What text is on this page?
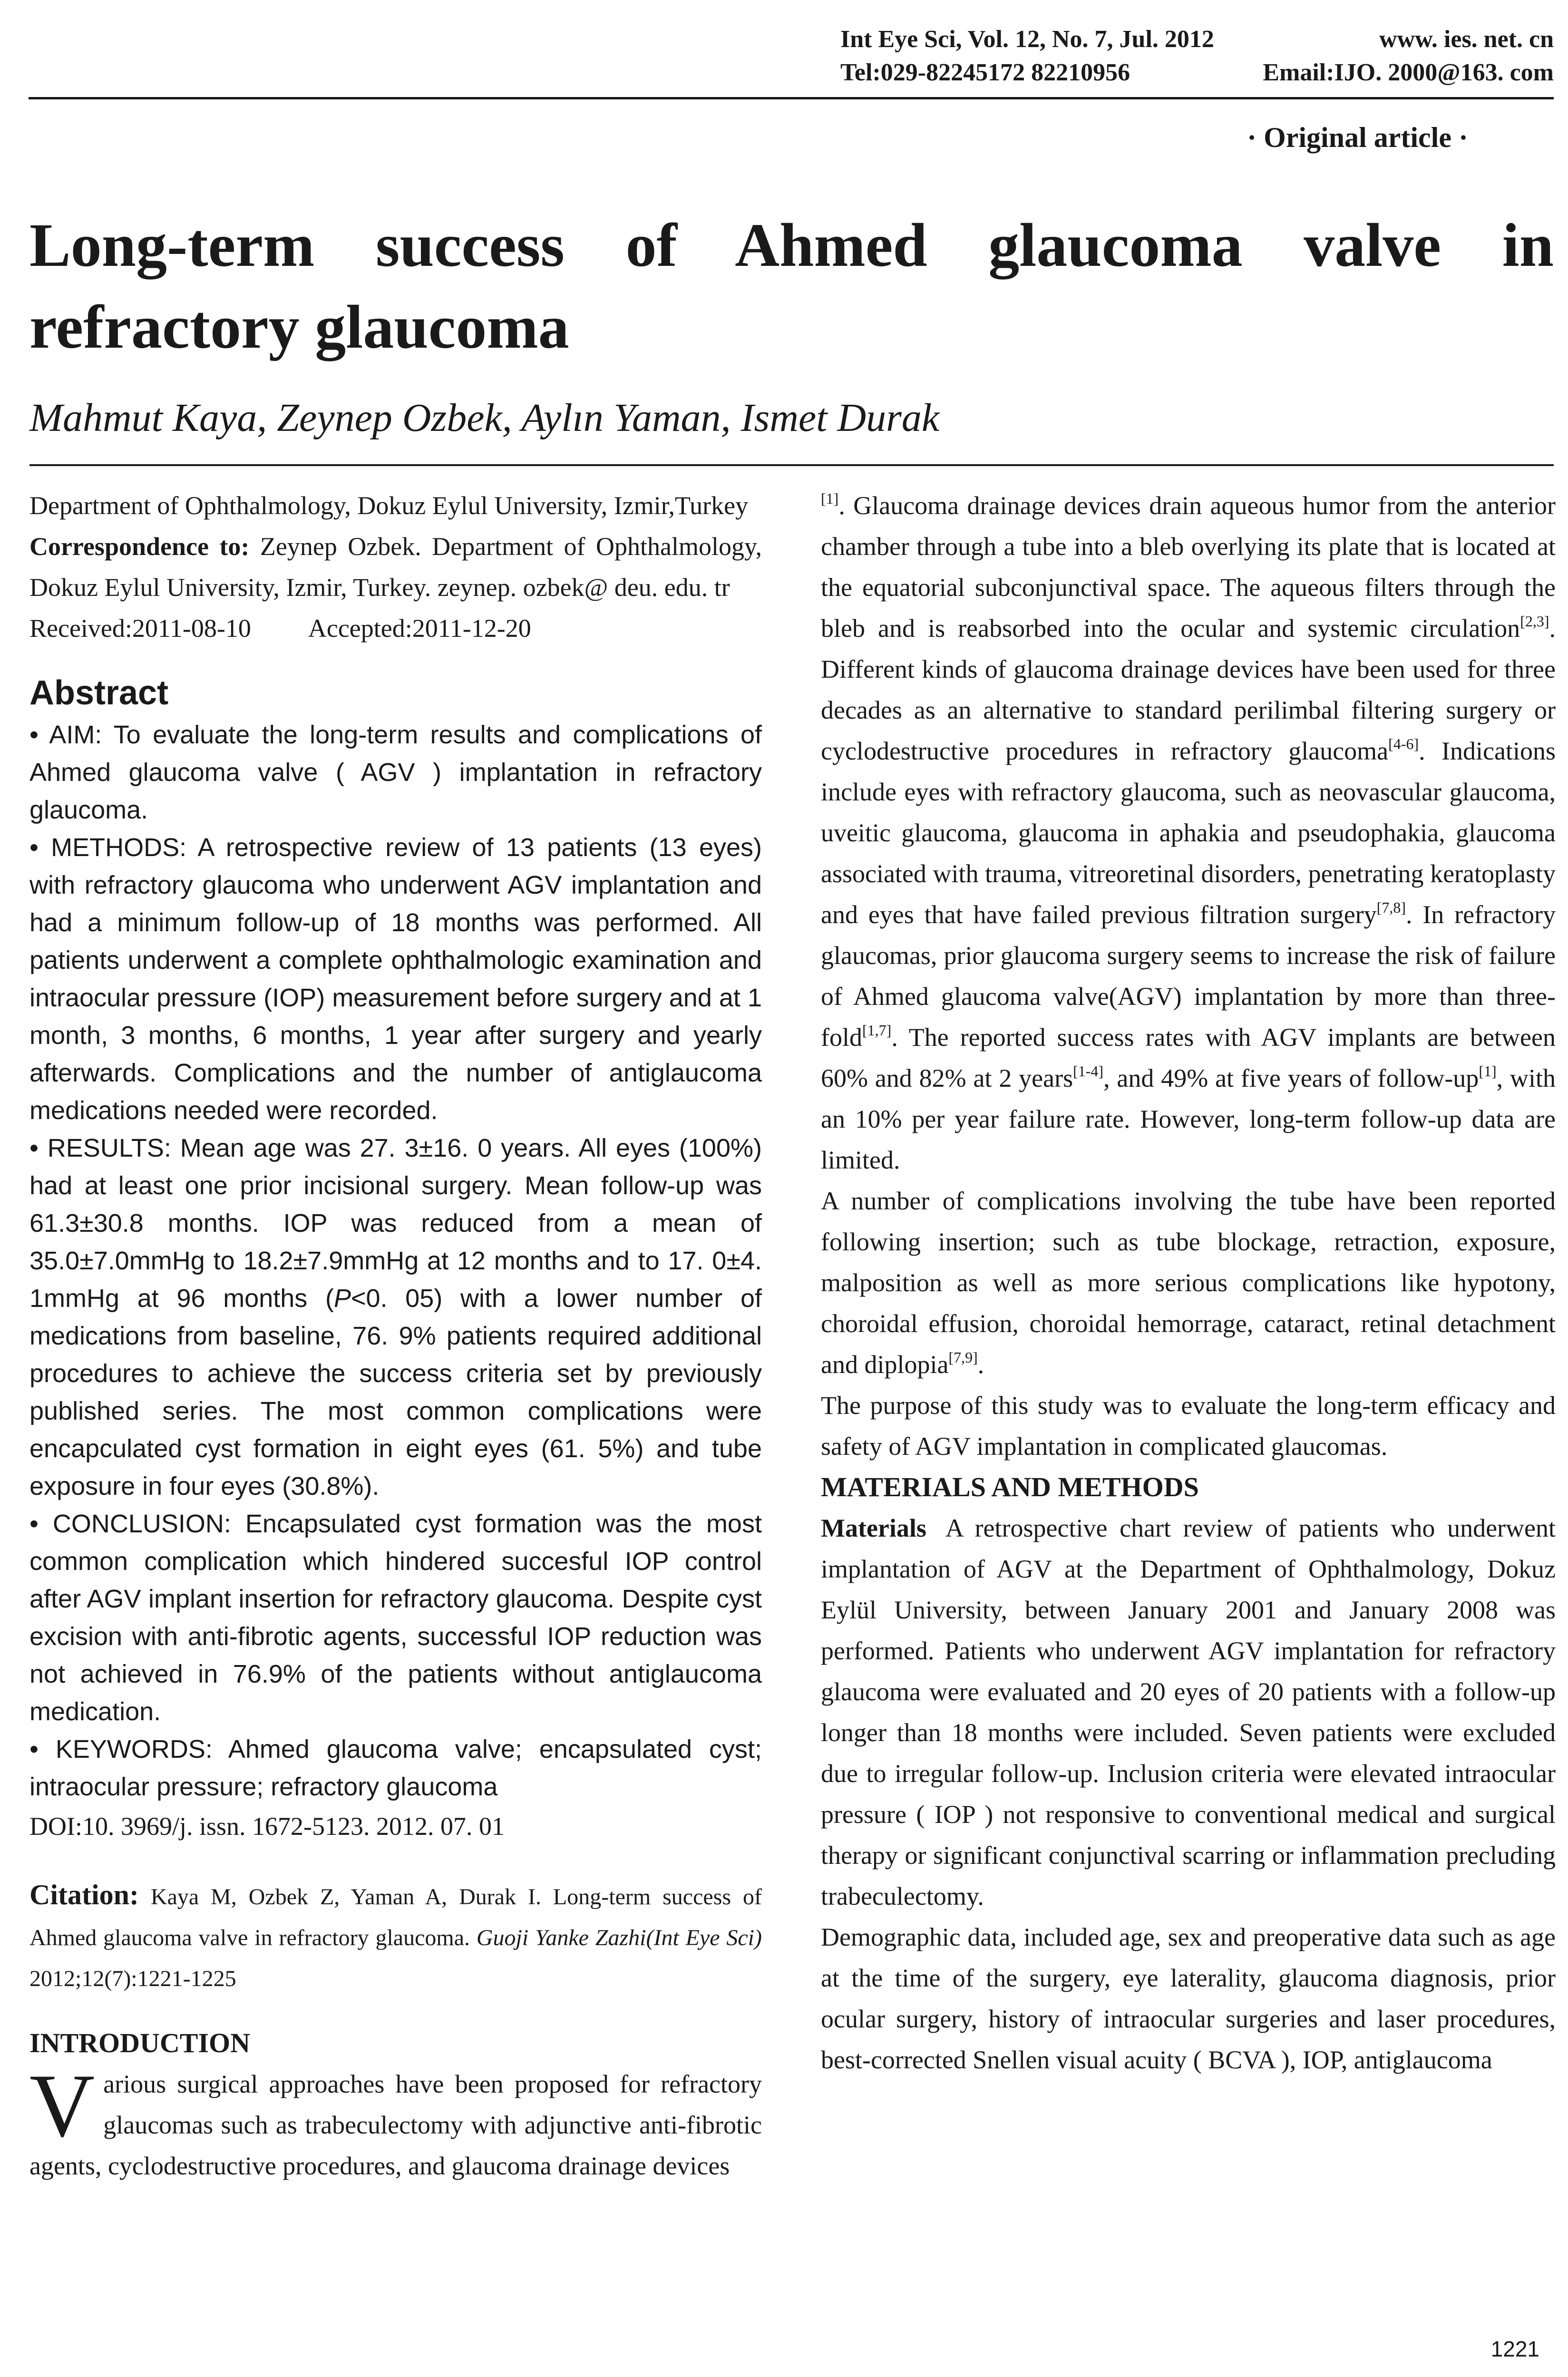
Int Eye Sci, Vol. 12, No. 7, Jul. 2012	www. ies. net. cn
Tel:029-82245172 82210956	Email:IJO. 2000@163. com
· Original article ·
Long-term success of Ahmed glaucoma valve in refractory glaucoma
Mahmut Kaya, Zeynep Ozbek, Aylın Yaman, Ismet Durak

Department of Ophthalmology, Dokuz Eylul University, Izmir,Turkey

Correspondence to: Zeynep Ozbek. Department of Ophthalmology, Dokuz Eylul University, Izmir, Turkey. zeynep. ozbek@ deu. edu. tr

Received:2011-08-10 Accepted:2011-12-20
Abstract

• AIM: To evaluate the long-term results and complications of Ahmed glaucoma valve ( AGV ) implantation in refractory glaucoma.

• METHODS: A retrospective review of 13 patients (13 eyes) with refractory glaucoma who underwent AGV implantation and had a minimum follow-up of 18 months was performed. All patients underwent a complete ophthalmologic examination and intraocular pressure (IOP) measurement before surgery and at 1 month, 3 months, 6 months, 1 year after surgery and yearly afterwards. Complications and the number of antiglaucoma medications needed were recorded.

• RESULTS: Mean age was 27. 3±16. 0 years. All eyes (100%) had at least one prior incisional surgery. Mean follow-up was 61.3±30.8 months. IOP was reduced from a mean of 35.0±7.0mmHg to 18.2±7.9mmHg at 12 months and to 17. 0±4. 1mmHg at 96 months (P<0. 05) with a lower number of medications from baseline, 76. 9% patients required additional procedures to achieve the success criteria set by previously published series. The most common complications were encapculated cyst formation in eight eyes (61. 5%) and tube exposure in four eyes (30.8%).

• CONCLUSION: Encapsulated cyst formation was the most common complication which hindered succesful IOP control after AGV implant insertion for refractory glaucoma. Despite cyst excision with anti-fibrotic agents, successful IOP reduction was not achieved in 76.9% of the patients without antiglaucoma medication.

• KEYWORDS: Ahmed glaucoma valve; encapsulated cyst; intraocular pressure; refractory glaucoma

DOI:10. 3969/j. issn. 1672-5123. 2012. 07. 01

Citation: Kaya M, Ozbek Z, Yaman A, Durak I. Long-term success of Ahmed glaucoma valve in refractory glaucoma. Guoji Yanke Zazhi(Int Eye Sci) 2012;12(7):1221-1225

INTRODUCTION

Various surgical approaches have been proposed for refractory glaucomas such as trabeculectomy with adjunctive anti-fibrotic agents, cyclodestructive procedures, and glaucoma drainage devices

[1]. Glaucoma drainage devices drain aqueous humor from the anterior chamber through a tube into a bleb overlying its plate that is located at the equatorial subconjunctival space. The aqueous filters through the bleb and is reabsorbed into the ocular and systemic circulation[2,3]. Different kinds of glaucoma drainage devices have been used for three decades as an alternative to standard perilimbal filtering surgery or cyclodestructive procedures in refractory glaucoma[4-6]. Indications include eyes with refractory glaucoma, such as neovascular glaucoma, uveitic glaucoma, glaucoma in aphakia and pseudophakia, glaucoma associated with trauma, vitreoretinal disorders, penetrating keratoplasty and eyes that have failed previous filtration surgery[7,8]. In refractory glaucomas, prior glaucoma surgery seems to increase the risk of failure of Ahmed glaucoma valve(AGV) implantation by more than three-fold[1,7]. The reported success rates with AGV implants are between 60% and 82% at 2 years[1-4], and 49% at five years of follow-up[1], with an 10% per year failure rate. However, long-term follow-up data are limited.

A number of complications involving the tube have been reported following insertion; such as tube blockage, retraction, exposure, malposition as well as more serious complications like hypotony, choroidal effusion, choroidal hemorrage, cataract, retinal detachment and diplopia[7,9].

The purpose of this study was to evaluate the long-term efficacy and safety of AGV implantation in complicated glaucomas.

MATERIALS AND METHODS

Materials A retrospective chart review of patients who underwent implantation of AGV at the Department of Ophthalmology, Dokuz Eylül University, between January 2001 and January 2008 was performed. Patients who underwent AGV implantation for refractory glaucoma were evaluated and 20 eyes of 20 patients with a follow-up longer than 18 months were included. Seven patients were excluded due to irregular follow-up. Inclusion criteria were elevated intraocular pressure ( IOP ) not responsive to conventional medical and surgical therapy or significant conjunctival scarring or inflammation precluding trabeculectomy.

Demographic data, included age, sex and preoperative data such as age at the time of the surgery, eye laterality, glaucoma diagnosis, prior ocular surgery, history of intraocular surgeries and laser procedures, best-corrected Snellen visual acuity ( BCVA ), IOP, antiglaucoma

1221
